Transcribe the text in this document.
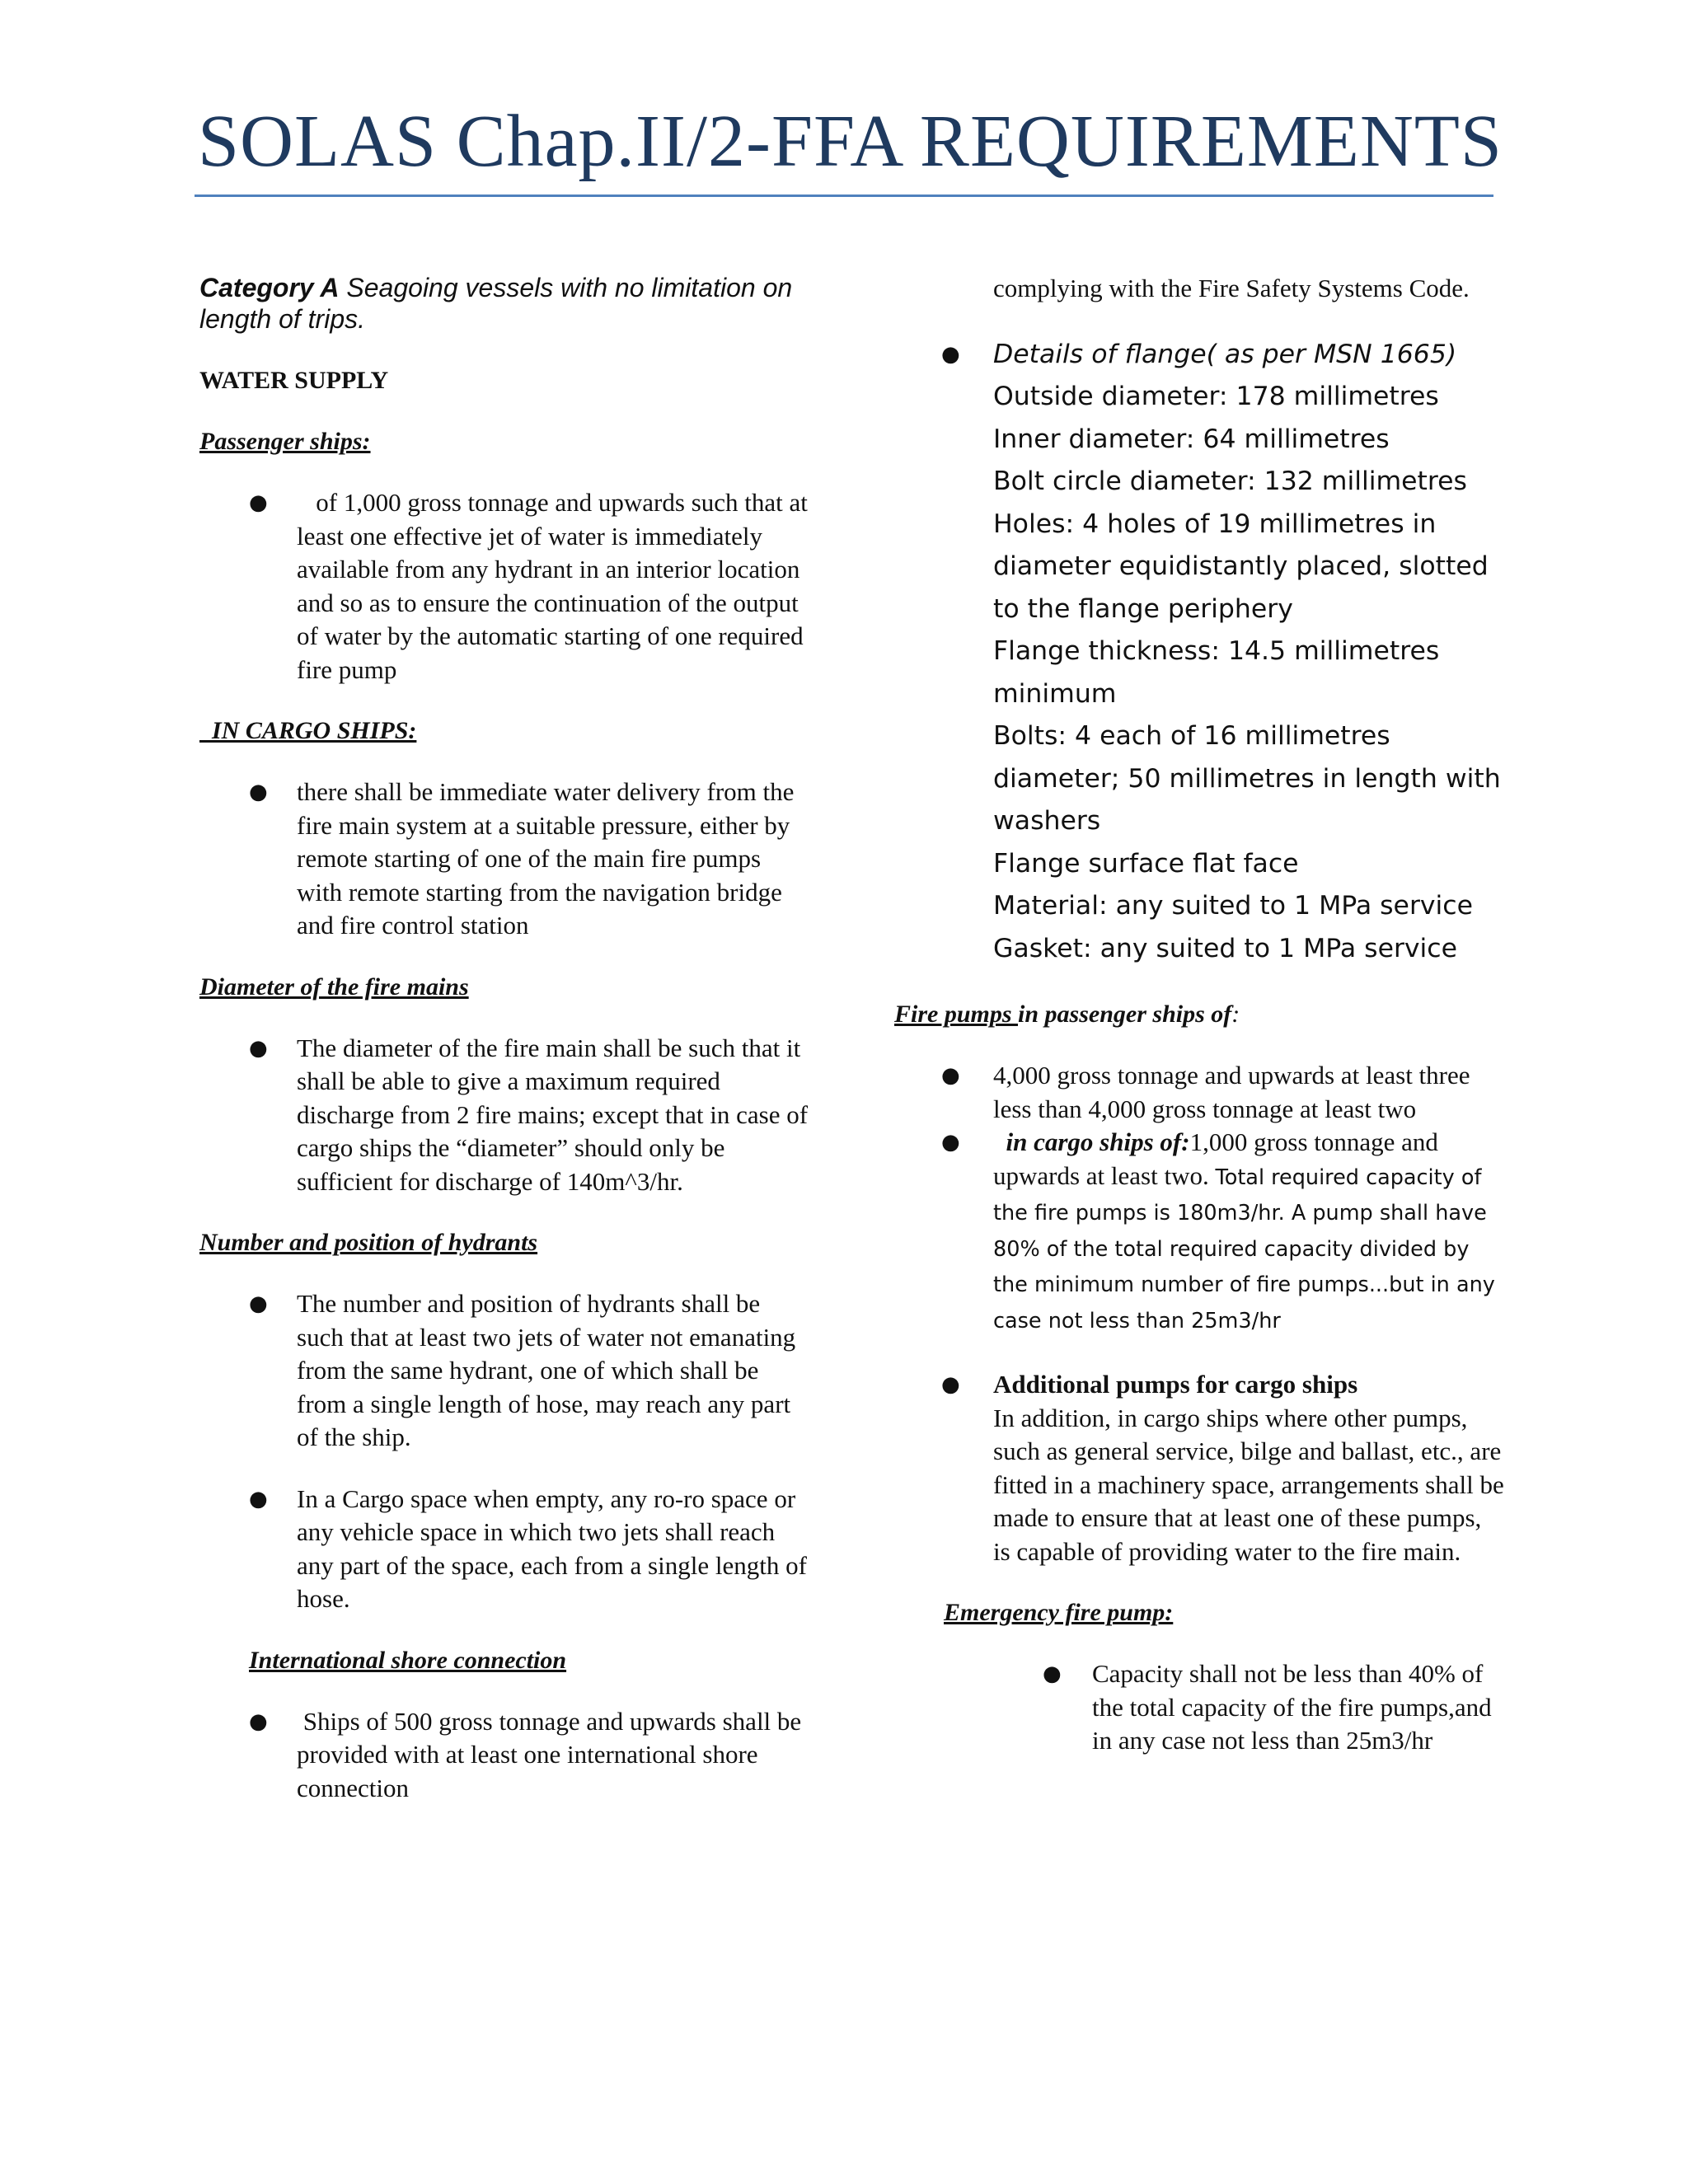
SOLAS Chap.II/2-FFA REQUIREMENTS

Category A Seagoing vessels with no limitation on length of trips.

WATER SUPPLY

Passenger ships:

● of 1,000 gross tonnage and upwards such that at least one effective jet of water is immediately available from any hydrant in an interior location and so as to ensure the continuation of the output of water by the automatic starting of one required fire pump

IN CARGO SHIPS:

● there shall be immediate water delivery from the fire main system at a suitable pressure, either by remote starting of one of the main fire pumps with remote starting from the navigation bridge and fire control station

Diameter of the fire mains

● The diameter of the fire main shall be such that it shall be able to give a maximum required discharge from 2 fire mains; except that in case of cargo ships the “diameter” should only be sufficient for discharge of 140m^3/hr.

Number and position of hydrants

● The number and position of hydrants shall be such that at least two jets of water not emanating from the same hydrant, one of which shall be from a single length of hose, may reach any part of the ship.

● In a Cargo space when empty, any ro-ro space or any vehicle space in which two jets shall reach any part of the space, each from a single length of hose.

International shore connection

● Ships of 500 gross tonnage and upwards shall be provided with at least one international shore connection

complying with the Fire Safety Systems Code.

● Details of flange( as per MSN 1665)

Outside diameter: 178 millimetres

Inner diameter: 64 millimetres

Bolt circle diameter: 132 millimetres

Holes: 4 holes of 19 millimetres in diameter equidistantly placed, slotted to the flange periphery

Flange thickness: 14.5 millimetres minimum

Bolts: 4 each of 16 millimetres diameter; 50 millimetres in length with washers

Flange surface flat face

Material: any suited to 1 MPa service

Gasket: any suited to 1 MPa service

Fire pumps in passenger ships of:

● 4,000 gross tonnage and upwards at least three

less than 4,000 gross tonnage at least two

● in cargo ships of:1,000 gross tonnage and upwards at least two. Total required capacity of the fire pumps is 180m3/hr. A pump shall have 80% of the total required capacity divided by the minimum number of fire pumps...but in any case not less than 25m3/hr

● Additional pumps for cargo ships

In addition, in cargo ships where other pumps, such as general service, bilge and ballast, etc., are fitted in a machinery space, arrangements shall be made to ensure that at least one of these pumps, is capable of providing water to the fire main.

Emergency fire pump:

● Capacity shall not be less than 40% of the total capacity of the fire pumps,and in any case not less than 25m3/hr
